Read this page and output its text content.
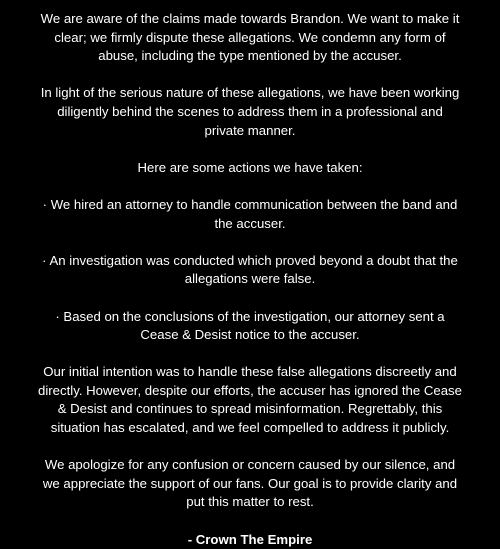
We are aware of the claims made towards Brandon. We want to make it clear; we firmly dispute these allegations. We condemn any form of abuse, including the type mentioned by the accuser.

In light of the serious nature of these allegations, we have been working diligently behind the scenes to address them in a professional and private manner.

Here are some actions we have taken:

· We hired an attorney to handle communication between the band and the accuser.

· An investigation was conducted which proved beyond a doubt that the allegations were false.

· Based on the conclusions of the investigation, our attorney sent a Cease & Desist notice to the accuser.

Our initial intention was to handle these false allegations discreetly and directly. However, despite our efforts, the accuser has ignored the Cease & Desist and continues to spread misinformation. Regrettably, this situation has escalated, and we feel compelled to address it publicly.

We apologize for any confusion or concern caused by our silence, and we appreciate the support of our fans. Our goal is to provide clarity and put this matter to rest.

- Crown The Empire
